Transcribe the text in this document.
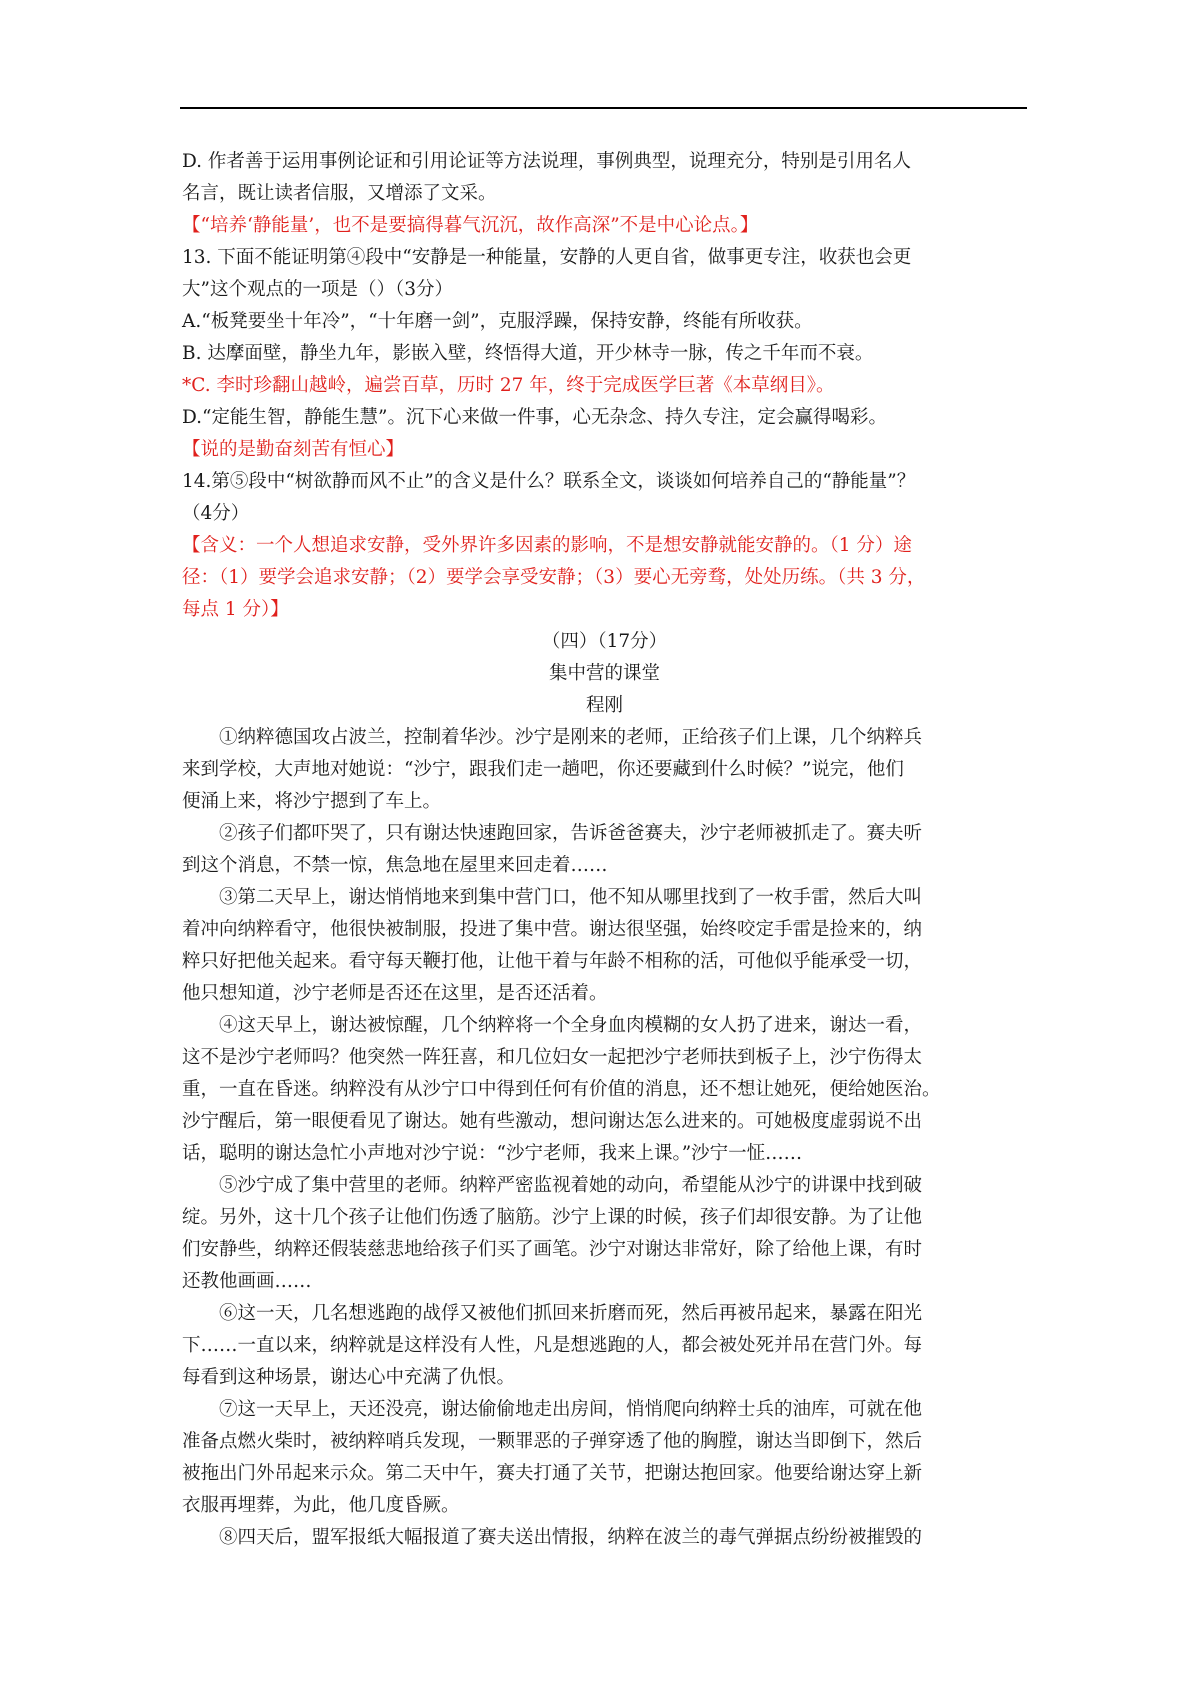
D. 作者善于运用事例论证和引用论证等方法说理，事例典型，说理充分，特别是引用名人
名言，既让读者信服，又增添了文采。
【“培养‘静能量’，也不是要搞得暮气沉沉，故作高深”不是中心论点。】
13. 下面不能证明第④段中“安静是一种能量，安静的人更自省，做事更专注，收获也会更
大”这个观点的一项是（）（3分）
A.“板凳要坐十年冷”，“十年磨一剑”，克服浮躁，保持安静，终能有所收获。
B. 达摩面壁，静坐九年，影嵌入壁，终悟得大道，开少林寺一脉，传之千年而不衰。
*C. 李时珍翻山越岭，遍尝百草，历时 27 年，终于完成医学巨著《本草纲目》。
D.“定能生智，静能生慧”。沉下心来做一件事，心无杂念、持久专注，定会赢得喝彩。
【说的是勤奋刻苦有恒心】
14.第⑤段中“树欲静而风不止”的含义是什么？联系全文，谈谈如何培养自己的“静能量”？
（4分）
【含义：一个人想追求安静，受外界许多因素的影响，不是想安静就能安静的。（1 分）途
径：（1）要学会追求安静；（2）要学会享受安静；（3）要心无旁骛，处处历练。（共 3 分，
每点 1 分）】
（四）（17分）
集中营的课堂
程刚
①纳粹德国攻占波兰，控制着华沙。沙宁是刚来的老师，正给孩子们上课，几个纳粹兵
来到学校，大声地对她说：“沙宁，跟我们走一趟吧，你还要藏到什么时候？”说完，他们
便涌上来，将沙宁摁到了车上。
②孩子们都吓哭了，只有谢达快速跑回家，告诉爸爸赛夫，沙宁老师被抓走了。赛夫听
到这个消息，不禁一惊，焦急地在屋里来回走着……
③第二天早上，谢达悄悄地来到集中营门口，他不知从哪里找到了一枚手雷，然后大叫
着冲向纳粹看守，他很快被制服，投进了集中营。谢达很坚强，始终咬定手雷是捡来的，纳
粹只好把他关起来。看守每天鞭打他，让他干着与年龄不相称的活，可他似乎能承受一切，
他只想知道，沙宁老师是否还在这里，是否还活着。
④这天早上，谢达被惊醒，几个纳粹将一个全身血肉模糊的女人扔了进来，谢达一看，
这不是沙宁老师吗？他突然一阵狂喜，和几位妇女一起把沙宁老师扶到板子上，沙宁伤得太
重，一直在昏迷。纳粹没有从沙宁口中得到任何有价值的消息，还不想让她死，便给她医治。
沙宁醒后，第一眼便看见了谢达。她有些激动，想问谢达怎么进来的。可她极度虚弱说不出
话，聪明的谢达急忙小声地对沙宁说：“沙宁老师，我来上课。”沙宁一怔……
⑤沙宁成了集中营里的老师。纳粹严密监视着她的动向，希望能从沙宁的讲课中找到破
绽。另外，这十几个孩子让他们伤透了脑筋。沙宁上课的时候，孩子们却很安静。为了让他
们安静些，纳粹还假装慈悲地给孩子们买了画笔。沙宁对谢达非常好，除了给他上课，有时
还教他画画……
⑥这一天，几名想逃跑的战俘又被他们抓回来折磨而死，然后再被吊起来，暴露在阳光
下……一直以来，纳粹就是这样没有人性，凡是想逃跑的人，都会被处死并吊在营门外。每
每看到这种场景，谢达心中充满了仇恨。
⑦这一天早上，天还没亮，谢达偷偷地走出房间，悄悄爬向纳粹士兵的油库，可就在他
准备点燃火柴时，被纳粹哨兵发现，一颗罪恶的子弹穿透了他的胸膛，谢达当即倒下，然后
被拖出门外吊起来示众。第二天中午，赛夫打通了关节，把谢达抱回家。他要给谢达穿上新
衣服再埋葬，为此，他几度昏厥。
⑧四天后，盟军报纸大幅报道了赛夫送出情报，纳粹在波兰的毒气弹据点纷纷被摧毁的
